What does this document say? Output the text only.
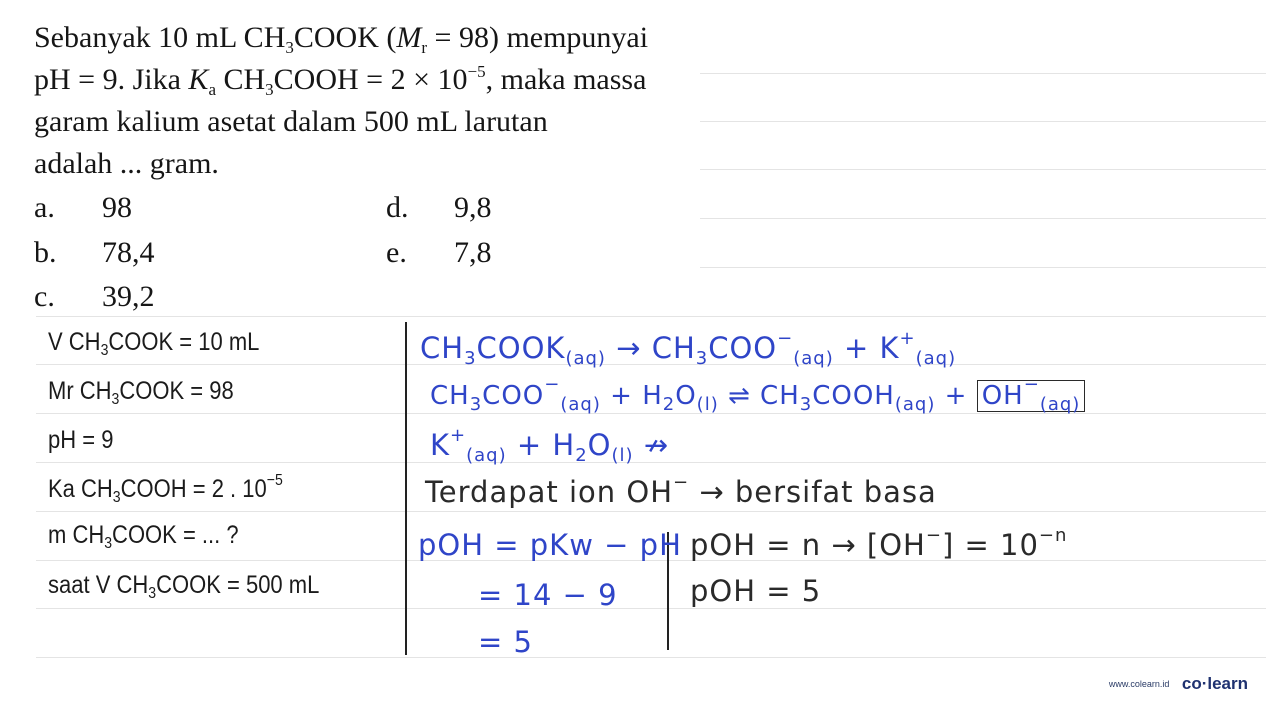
Sebanyak 10 mL $CH_3COOK$ $(M_r = 98)$ mempunyai
pH = 9. Jika $K_a$ $CH_3COOH = 2 \times 10^{-5}$, maka massa
garam kalium asetat dalam 500 mL larutan
adalah ... gram.
a. 98
b. 78,4
c. 39,2
d. 9,8
e. 7,8
V $CH_3COOK = 10$ mL
Mr $CH_3COOK = 98$
pH = 9
Ka $CH_3COOH = 2$ . $10^{-5}$
m $CH_3COOK$ = ... ?
saat V $CH_3COOK = 500$ mL
$CH_3COOK_{(aq)} \to CH_3COO^-_{(aq)} + K^+_{(aq)}$
$CH_3COO^-_{(aq)} + H_2O_{(l)}$ ⇌ $CH_3COOH_{(aq)} + OH^-_{(aq)}$
$K^+_{(aq)} + H_2O_{(l)}$ ↛
Terdapat ion OH− → bersifat basa
pOH = pKw − pH
= 14 − 9
= 5
pOH = $n \to [OH^-] = 10^{-n}$
pOH = 5
www.colearn.id co·learn
